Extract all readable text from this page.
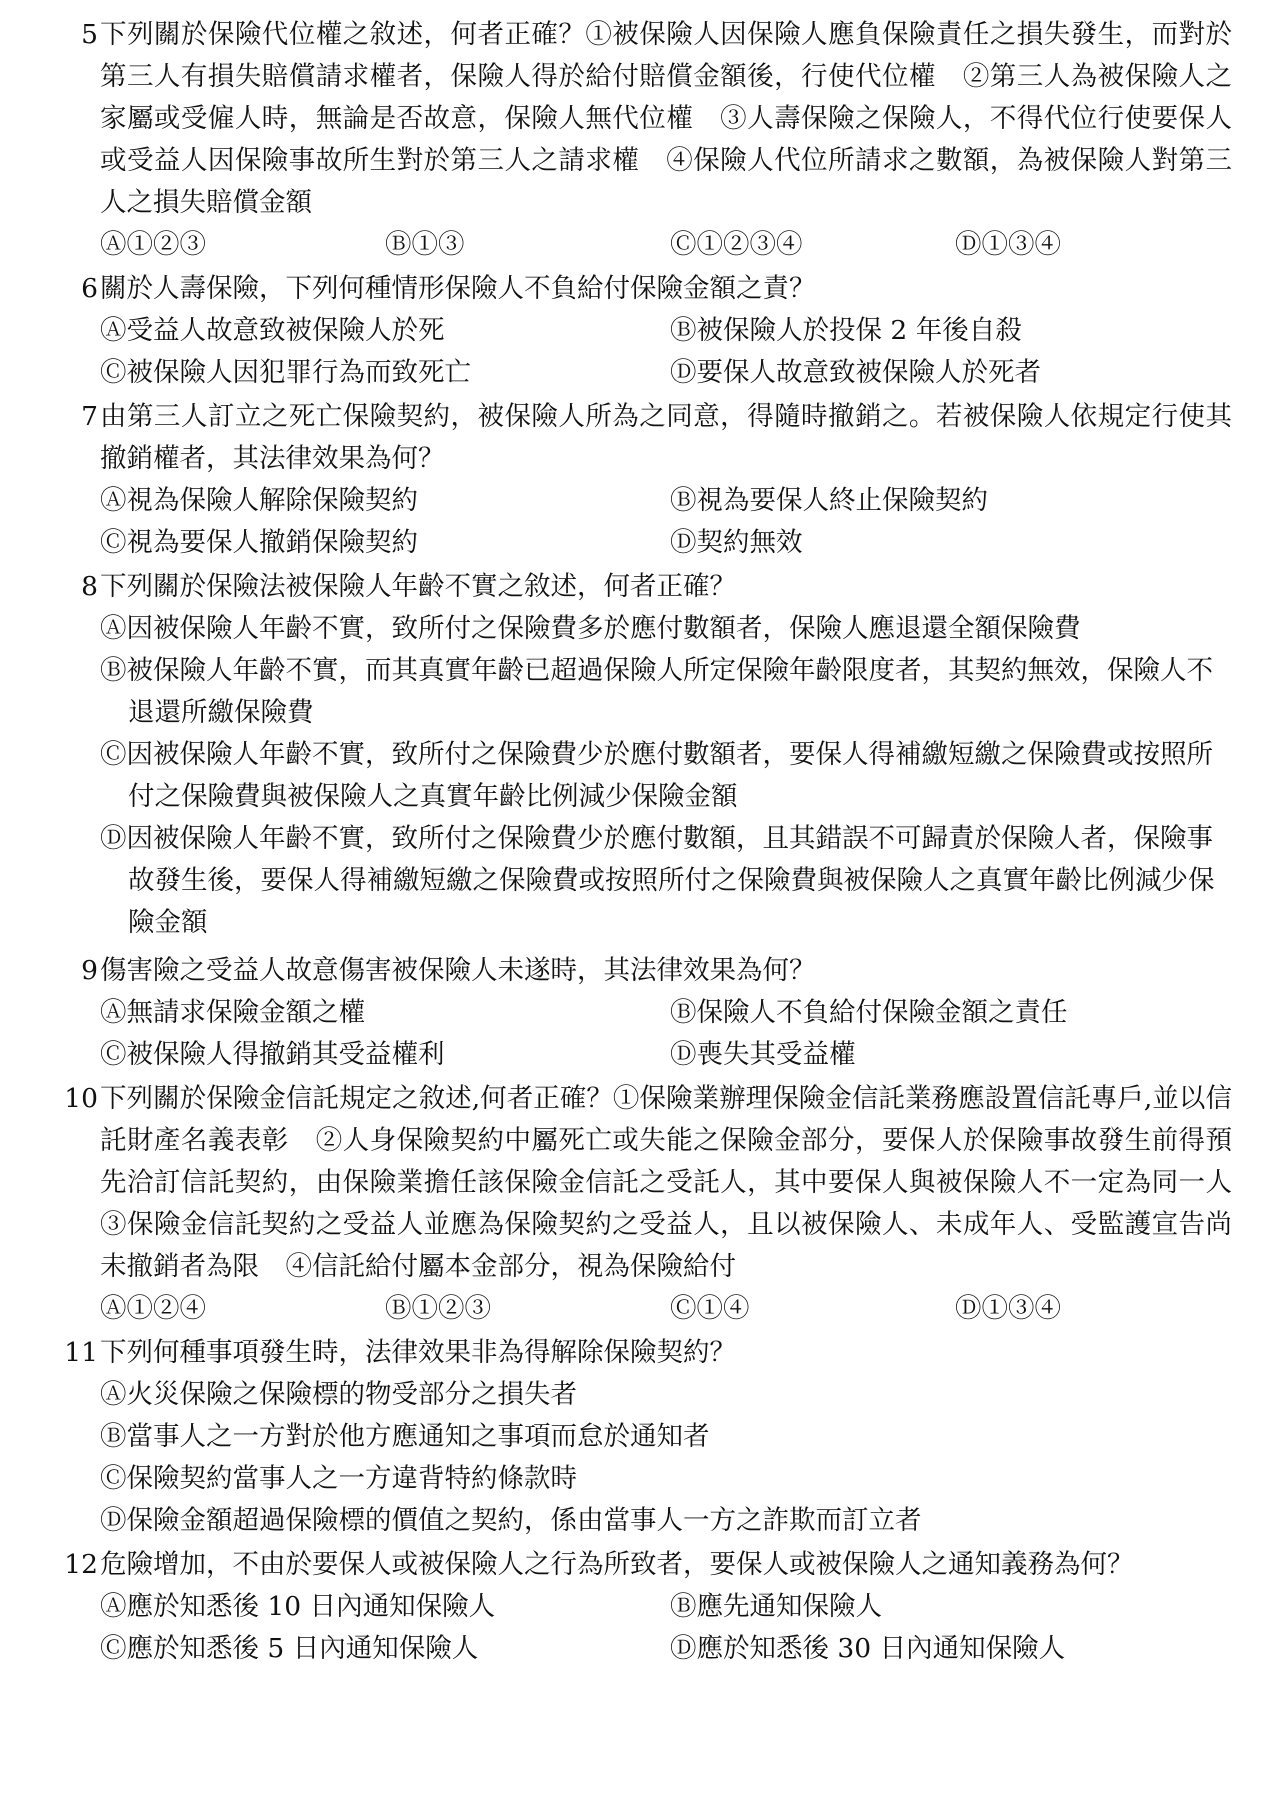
5 下列關於保險代位權之敘述，何者正確？①被保險人因保險人應負保險責任之損失發生，而對於第三人有損失賠償請求權者，保險人得於給付賠償金額後，行使代位權　②第三人為被保險人之家屬或受僱人時，無論是否故意，保險人無代位權　③人壽保險之保險人，不得代位行使要保人或受益人因保險事故所生對於第三人之請求權　④保險人代位所請求之數額，為被保險人對第三人之損失賠償金額
Ⓐ①②③	Ⓑ①③	Ⓒ①②③④	Ⓓ①③④
6 關於人壽保險，下列何種情形保險人不負給付保險金額之責？
Ⓐ受益人故意致被保險人於死	Ⓑ被保險人於投保 2 年後自殺
Ⓒ被保險人因犯罪行為而致死亡	Ⓓ要保人故意致被保險人於死者
7 由第三人訂立之死亡保險契約，被保險人所為之同意，得隨時撤銷之。若被保險人依規定行使其撤銷權者，其法律效果為何？
Ⓐ視為保險人解除保險契約	Ⓑ視為要保人終止保險契約
Ⓒ視為要保人撤銷保險契約	Ⓓ契約無效
8 下列關於保險法被保險人年齡不實之敘述，何者正確？
Ⓐ因被保險人年齡不實，致所付之保險費多於應付數額者，保險人應退還全額保險費
Ⓑ被保險人年齡不實，而其真實年齡已超過保險人所定保險年齡限度者，其契約無效，保險人不退還所繳保險費
Ⓒ因被保險人年齡不實，致所付之保險費少於應付數額者，要保人得補繳短繳之保險費或按照所付之保險費與被保險人之真實年齡比例減少保險金額
Ⓓ因被保險人年齡不實，致所付之保險費少於應付數額，且其錯誤不可歸責於保險人者，保險事故發生後，要保人得補繳短繳之保險費或按照所付之保險費與被保險人之真實年齡比例減少保險金額
9 傷害險之受益人故意傷害被保險人未遂時，其法律效果為何？
Ⓐ無請求保險金額之權	Ⓑ保險人不負給付保險金額之責任
Ⓒ被保險人得撤銷其受益權利	Ⓓ喪失其受益權
10 下列關於保險金信託規定之敘述,何者正確？①保險業辦理保險金信託業務應設置信託專戶,並以信託財產名義表彰　②人身保險契約中屬死亡或失能之保險金部分，要保人於保險事故發生前得預先洽訂信託契約，由保險業擔任該保險金信託之受託人，其中要保人與被保險人不一定為同一人　③保險金信託契約之受益人並應為保險契約之受益人，且以被保險人、未成年人、受監護宣告尚未撤銷者為限　④信託給付屬本金部分，視為保險給付
Ⓐ①②④	Ⓑ①②③	Ⓒ①④	Ⓓ①③④
11 下列何種事項發生時，法律效果非為得解除保險契約？
Ⓐ火災保險之保險標的物受部分之損失者
Ⓑ當事人之一方對於他方應通知之事項而怠於通知者
Ⓒ保險契約當事人之一方違背特約條款時
Ⓓ保險金額超過保險標的價值之契約，係由當事人一方之詐欺而訂立者
12 危險增加，不由於要保人或被保險人之行為所致者，要保人或被保險人之通知義務為何？
Ⓐ應於知悉後 10 日內通知保險人	Ⓑ應先通知保險人
Ⓒ應於知悉後 5 日內通知保險人	Ⓓ應於知悉後 30 日內通知保險人
